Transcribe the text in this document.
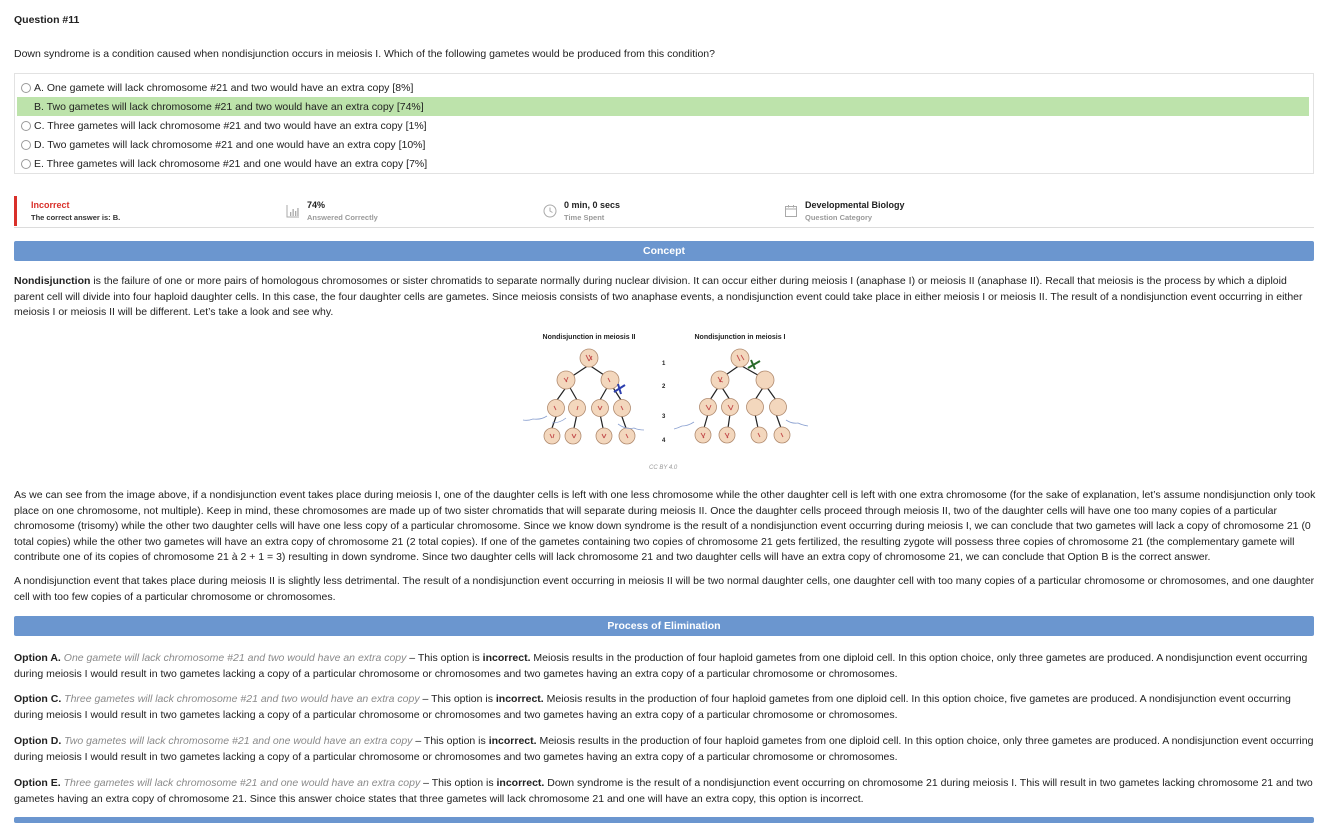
Question #11
Down syndrome is a condition caused when nondisjunction occurs in meiosis I. Which of the following gametes would be produced from this condition?
A. One gamete will lack chromosome #21 and two would have an extra copy [8%]
B. Two gametes will lack chromosome #21 and two would have an extra copy [74%]
C. Three gametes will lack chromosome #21 and two would have an extra copy [1%]
D. Two gametes will lack chromosome #21 and one would have an extra copy [10%]
E. Three gametes will lack chromosome #21 and one would have an extra copy [7%]
Incorrect
The correct answer is: B.
74%
Answered Correctly
0 min, 0 secs
Time Spent
Developmental Biology
Question Category
Concept
Nondisjunction is the failure of one or more pairs of homologous chromosomes or sister chromatids to separate normally during nuclear division. It can occur either during meiosis I (anaphase I) or meiosis II (anaphase II). Recall that meiosis is the process by which a diploid parent cell will divide into four haploid daughter cells. In this case, the four daughter cells are gametes. Since meiosis consists of two anaphase events, a nondisjunction event could take place in either meiosis I or meiosis II. The result of a nondisjunction event occurring in either meiosis I or meiosis II will be different. Let’s take a look and see why.
Nondisjunction in meiosis II	Nondisjunction in meiosis I
1
2
3
4
CC BY 4.0
As we can see from the image above, if a nondisjunction event takes place during meiosis I, one of the daughter cells is left with one less chromosome while the other daughter cell is left with one extra chromosome (for the sake of explanation, let’s assume nondisjunction only took place on one chromosome, not multiple). Keep in mind, these chromosomes are made up of two sister chromatids that will separate during meiosis II. Once the daughter cells proceed through meiosis II, two of the daughter cells will have one too many copies of a particular chromosome (trisomy) while the other two daughter cells will have one less copy of a particular chromosome. Since we know down syndrome is the result of a nondisjunction event occurring during meiosis I, we can conclude that two gametes will lack a copy of chromosome 21 (0 total copies) while the other two gametes will have an extra copy of chromosome 21 (2 total copies). If one of the gametes containing two copies of chromosome 21 gets fertilized, the resulting zygote will possess three copies of chromosome 21 (the complementary gamete will contribute one of its copies of chromosome 21 à 2 + 1 = 3) resulting in down syndrome. Since two daughter cells will lack chromosome 21 and two daughter cells will have an extra copy of chromosome 21, we can conclude that Option B is the correct answer.
A nondisjunction event that takes place during meiosis II is slightly less detrimental. The result of a nondisjunction event occurring in meiosis II will be two normal daughter cells, one daughter cell with too many copies of a particular chromosome or chromosomes, and one daughter cell with too few copies of a particular chromosome or chromosomes.
Process of Elimination
Option A. One gamete will lack chromosome #21 and two would have an extra copy – This option is incorrect. Meiosis results in the production of four haploid gametes from one diploid cell. In this option choice, only three gametes are produced. A nondisjunction event occurring during meiosis I would result in two gametes lacking a copy of a particular chromosome or chromosomes and two gametes having an extra copy of a particular chromosome or chromosomes.
Option C. Three gametes will lack chromosome #21 and two would have an extra copy – This option is incorrect. Meiosis results in the production of four haploid gametes from one diploid cell. In this option choice, five gametes are produced. A nondisjunction event occurring during meiosis I would result in two gametes lacking a copy of a particular chromosome or chromosomes and two gametes having an extra copy of a particular chromosome or chromosomes.
Option D. Two gametes will lack chromosome #21 and one would have an extra copy – This option is incorrect. Meiosis results in the production of four haploid gametes from one diploid cell. In this option choice, only three gametes are produced. A nondisjunction event occurring during meiosis I would result in two gametes lacking a copy of a particular chromosome or chromosomes and two gametes having an extra copy of a particular chromosome or chromosomes.
Option E. Three gametes will lack chromosome #21 and one would have an extra copy – This option is incorrect. Down syndrome is the result of a nondisjunction event occurring on chromosome 21 during meiosis I. This will result in two gametes lacking chromosome 21 and two gametes having an extra copy of chromosome 21. Since this answer choice states that three gametes will lack chromosome 21 and one will have an extra copy, this option is incorrect.
